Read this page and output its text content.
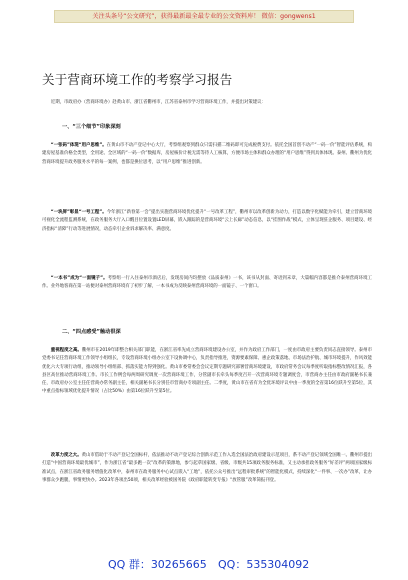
关注头条号“公文研究”，获得最新最全最专业的公文资料库！ 微信：gongwens1
关于营商环境工作的考察学习报告

近期，市政府办（营商环境办）赴黄山市、浙江省衢州市，江苏省泰州市学习营商环境工作，并提出对策建议：

一、“三个细节”印象深刻

“一张码”体现“用户思维”。在黄山市不动产登记中心大厅，考察组观察到群众只需扫描二维码即可完成税费支付。依托全国首创不动产“一码一价”智能评估系统，构建房屋基准价格全类型，全用途、全区域的“一码一价”数据库，房屋核价计税无需等待人工核算，方便市场主体和群众办理的“用户思维”得到具体体现。泰州、衢州为优化营商环境提升政务服务水平的每一案例，也都是换位思考，以“用户思维”推进创新。

“一块屏”彰显“一号工程”。今年浙江“新春第一会”提出实施营商环境优化提升“一号改革工程”，衢州市以改革创新为动力，打造以数字化赋能为牵引，建立营商环境可视化全流程监测系统，在政务服务大厅入口醒目位置设置LED屏幕，嵌入跟踪的是营商环境“云上长廊”动态信息，以“挂图作战”模式，立体呈现驻企服务、项目建设、经济指标“清障”行动等进展情况，动态牵引企业诉求解决率、满意度。

“一本书”成为“一面镜子”。考察组一行入住泰州市酒店后，发现房间内均摆放《品质泰州》一书，该书从封面、寄语到末章，大篇幅内容都是推介泰州营商环境工作。业外地客商在第一站便对泰州营商环境有了初步了解，一本书成为反映泰州营商环境的一面镜子、一个窗口。

二、“四点感受”触动很深

重视程度之高。衢州市在2019年即整合相关部门职能，在浙江省率先成立营商环境建设办公室，并作为政府工作部门，一度由市政府主要负责同志直接领导。泰州市党委书记任营商环境工作领导小组组长，专设营商环境小组办公室下设协调中心，负责指导推进，资源要素保障、惠企政策落地、市场法治护航、城市环境提升，作风效能优化六大专项行动组，推动领导小组组部、抓落实能力得到强化。黄山市委常委会会议定期专题研究部署营商环境建设，市政府常务会议每季度听取指标整改情况汇报，各县区高位推动营商环境工作。市长工作例会每两周研究调度一次营商环境工作，分管副市长牵头每季度召开一次营商环境专题调度会，市营商办主任由市政府副秘书长兼任，市政府办公室主任任营商办常务副主任，相关副秘书长分别任市营商办专项副主任。二季度，黄山市在省有为全优环境评议中由一季度的全省第16位跃升至第5位，其中重点指标领域优化提升情况（占比50%）由第16位跃升至第5位。

改革力度之大。黄山市借助于不动产登记全国标杆，依法推动不动产登记综合创新示范工作入选全国法治政府建设示范项目，系不动产登记领域全国唯一。衢州市提出打造“中国营商环境最优城市”，作为浙江省“最多跑一次”改革的策源地，参与起草国家级、省级、市级共15项政务服务标准，又主动承担政务服务“好差评”两项国家级标准试点，在浙江省政务服务增值化改革中，泰州市在政务服务中心试点嵌入“工地”，依托公众号推出“远程审批系统”的智能化模式，持续深化“一件事、一次办”改革，让办事群众少跑腿，事情更快办。2023年各项出50项，相关改革经验被国务院《政府职能转变专报》“放管服”改革简报刊登。

QQ 群：30265665 QQ：535304092
